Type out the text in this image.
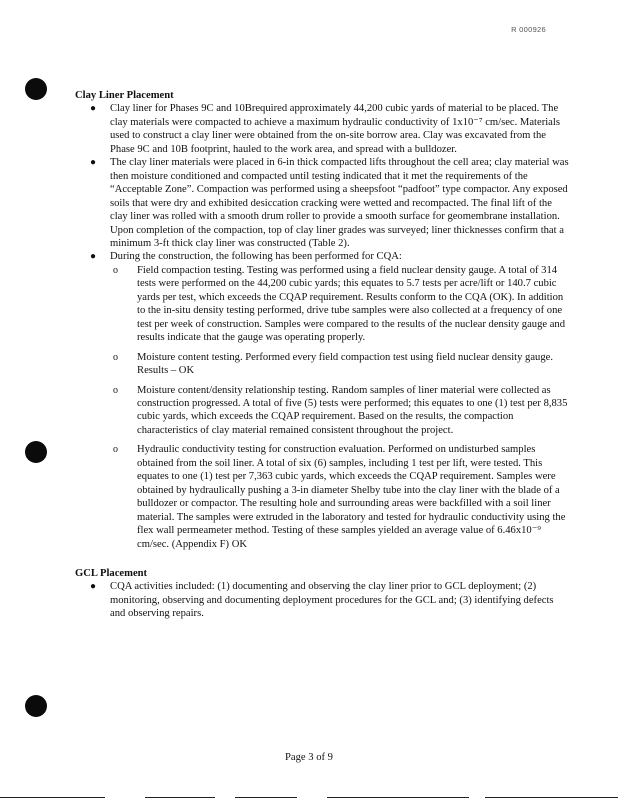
R 000926

Clay Liner Placement

● Clay liner for Phases 9C and 10Brequired approximately 44,200 cubic yards of material to be placed. The clay materials were compacted to achieve a maximum hydraulic conductivity of 1x10⁻⁷ cm/sec. Materials used to construct a clay liner were obtained from the on-site borrow area. Clay was excavated from the Phase 9C and 10B footprint, hauled to the work area, and spread with a bulldozer.
● The clay liner materials were placed in 6-in thick compacted lifts throughout the cell area; clay material was then moisture conditioned and compacted until testing indicated that it met the requirements of the “Acceptable Zone”. Compaction was performed using a sheepsfoot “padfoot” type compactor. Any exposed soils that were dry and exhibited desiccation cracking were wetted and recompacted. The final lift of the clay liner was rolled with a smooth drum roller to provide a smooth surface for geomembrane installation. Upon completion of the compaction, top of clay liner grades was surveyed; liner thicknesses confirm that a minimum 3-ft thick clay liner was constructed (Table 2).
● During the construction, the following has been performed for CQA:
o Field compaction testing. Testing was performed using a field nuclear density gauge. A total of 314 tests were performed on the 44,200 cubic yards; this equates to 5.7 tests per acre/lift or 140.7 cubic yards per test, which exceeds the CQAP requirement. Results conform to the CQA (OK). In addition to the in-situ density testing performed, drive tube samples were also collected at a frequency of one test per week of construction. Samples were compared to the results of the nuclear density gauge and results indicate that the gauge was operating properly.
o Moisture content testing. Performed every field compaction test using field nuclear density gauge. Results – OK
o Moisture content/density relationship testing. Random samples of liner material were collected as construction progressed. A total of five (5) tests were performed; this equates to one (1) test per 8,835 cubic yards, which exceeds the CQAP requirement. Based on the results, the compaction characteristics of clay material remained consistent throughout the project.
o Hydraulic conductivity testing for construction evaluation. Performed on undisturbed samples obtained from the soil liner. A total of six (6) samples, including 1 test per lift, were tested. This equates to one (1) test per 7,363 cubic yards, which exceeds the CQAP requirement. Samples were obtained by hydraulically pushing a 3-in diameter Shelby tube into the clay liner with the blade of a bulldozer or compactor. The resulting hole and surrounding areas were backfilled with a soil liner material. The samples were extruded in the laboratory and tested for hydraulic conductivity using the flex wall permeameter method. Testing of these samples yielded an average value of 6.46x10⁻⁹ cm/sec. (Appendix F) OK

GCL Placement

● CQA activities included: (1) documenting and observing the clay liner prior to GCL deployment; (2) monitoring, observing and documenting deployment procedures for the GCL and; (3) identifying defects and observing repairs.
Page 3 of 9
